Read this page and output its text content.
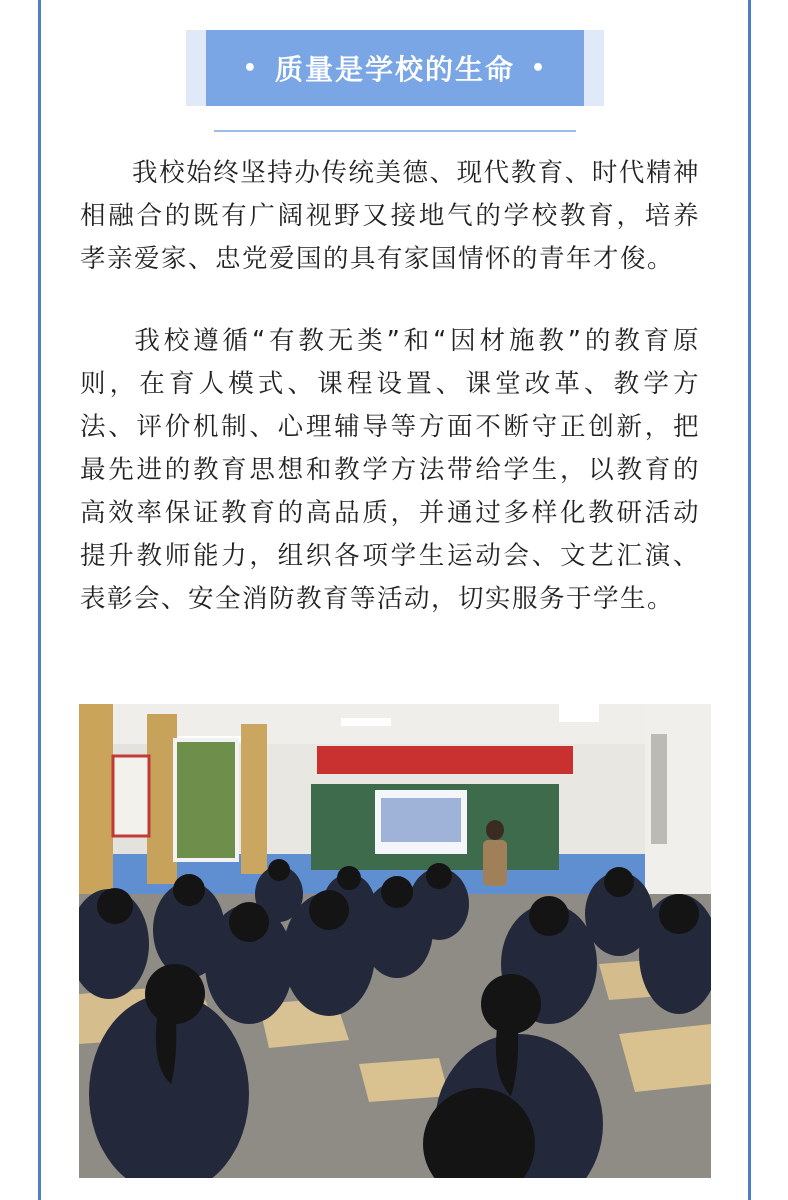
• 质量是学校的生命 •
我校始终坚持办传统美德、现代教育、时代精神相融合的既有广阔视野又接地气的学校教育，培养孝亲爱家、忠党爱国的具有家国情怀的青年才俊。
我校遵循“有教无类”和“因材施教”的教育原则，在育人模式、课程设置、课堂改革、教学方法、评价机制、心理辅导等方面不断守正创新，把最先进的教育思想和教学方法带给学生，以教育的高效率保证教育的高品质，并通过多样化教研活动提升教师能力，组织各项学生运动会、文艺汇演、表彰会、安全消防教育等活动，切实服务于学生。
